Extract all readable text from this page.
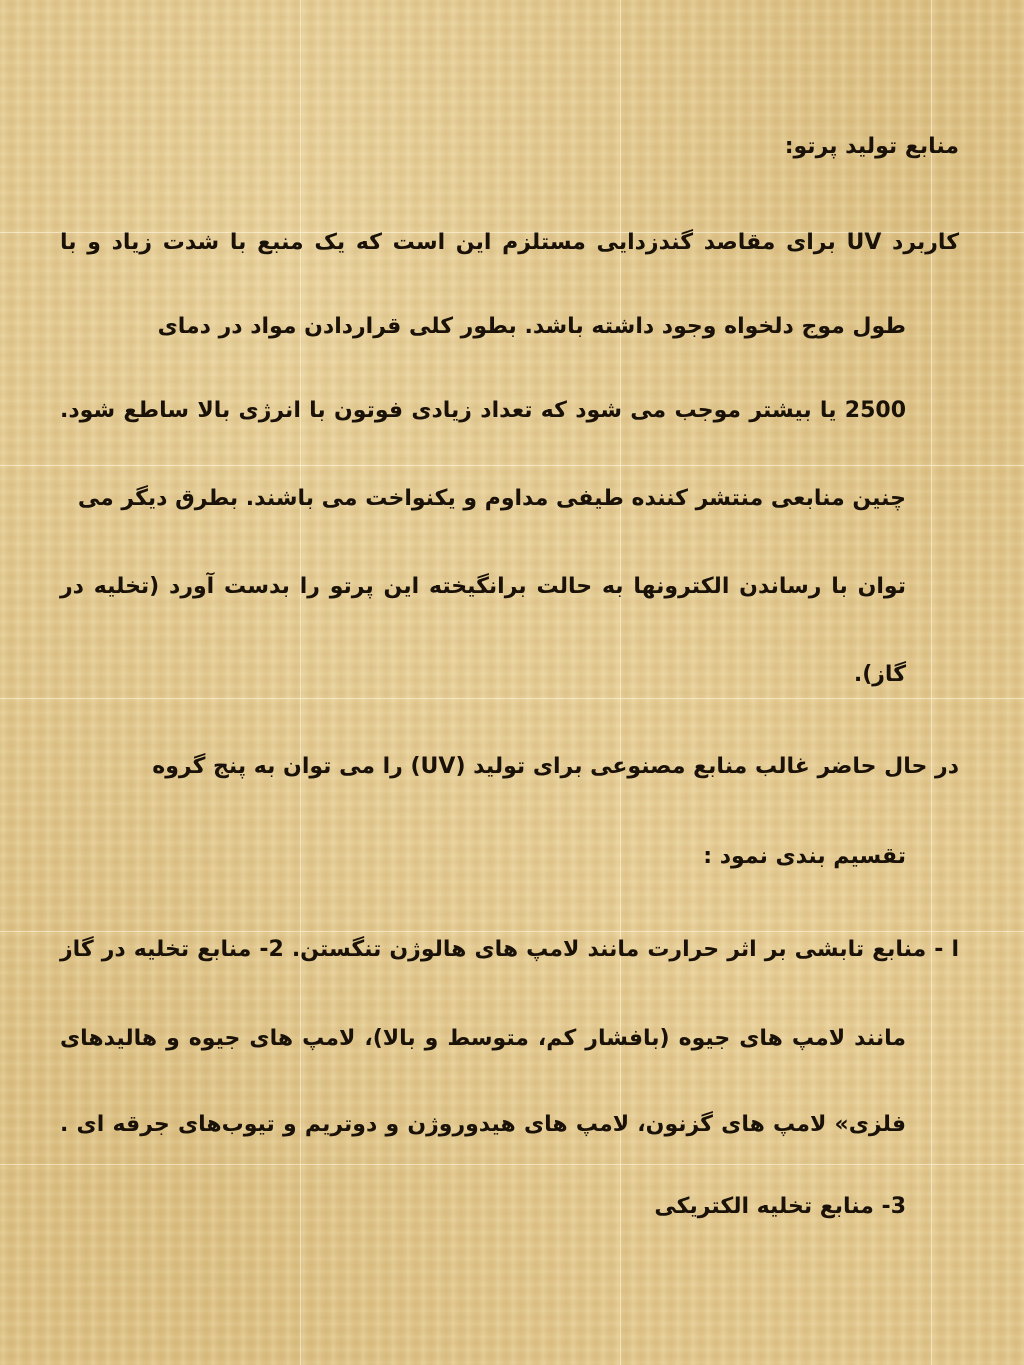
منابع تولید پرتو:
کاربرد UV برای مقاصد گندزدایی مستلزم این است که یک منبع با شدت زیاد و با
طول موج دلخواه وجود داشته باشد. بطور کلی قراردادن مواد در دمای
2500 یا بیشتر موجب می شود که تعداد زیادی فوتون با انرژی بالا ساطع شود.
چنین منابعی منتشر کننده طیفی مداوم و یکنواخت می باشند. بطرق دیگر می
توان با رساندن الکترونها به حالت برانگیخته این پرتو را بدست آورد (تخلیه در
گاز).
در حال حاضر غالب منابع مصنوعی برای تولید (UV) را می توان به پنج گروه
تقسیم بندی نمود :
ا - منابع تابشی بر اثر حرارت مانند لامپ های هالوژن تنگستن. 2- منابع تخلیه در گاز
مانند لامپ های جیوه (بافشار کم، متوسط و بالا)، لامپ های جیوه و هالیدهای
فلزی» لامپ های گزنون، لامپ های هیدوروژن و دوتریم و تیوب‌های جرقه ای .
3- منابع تخلیه الکتریکی
